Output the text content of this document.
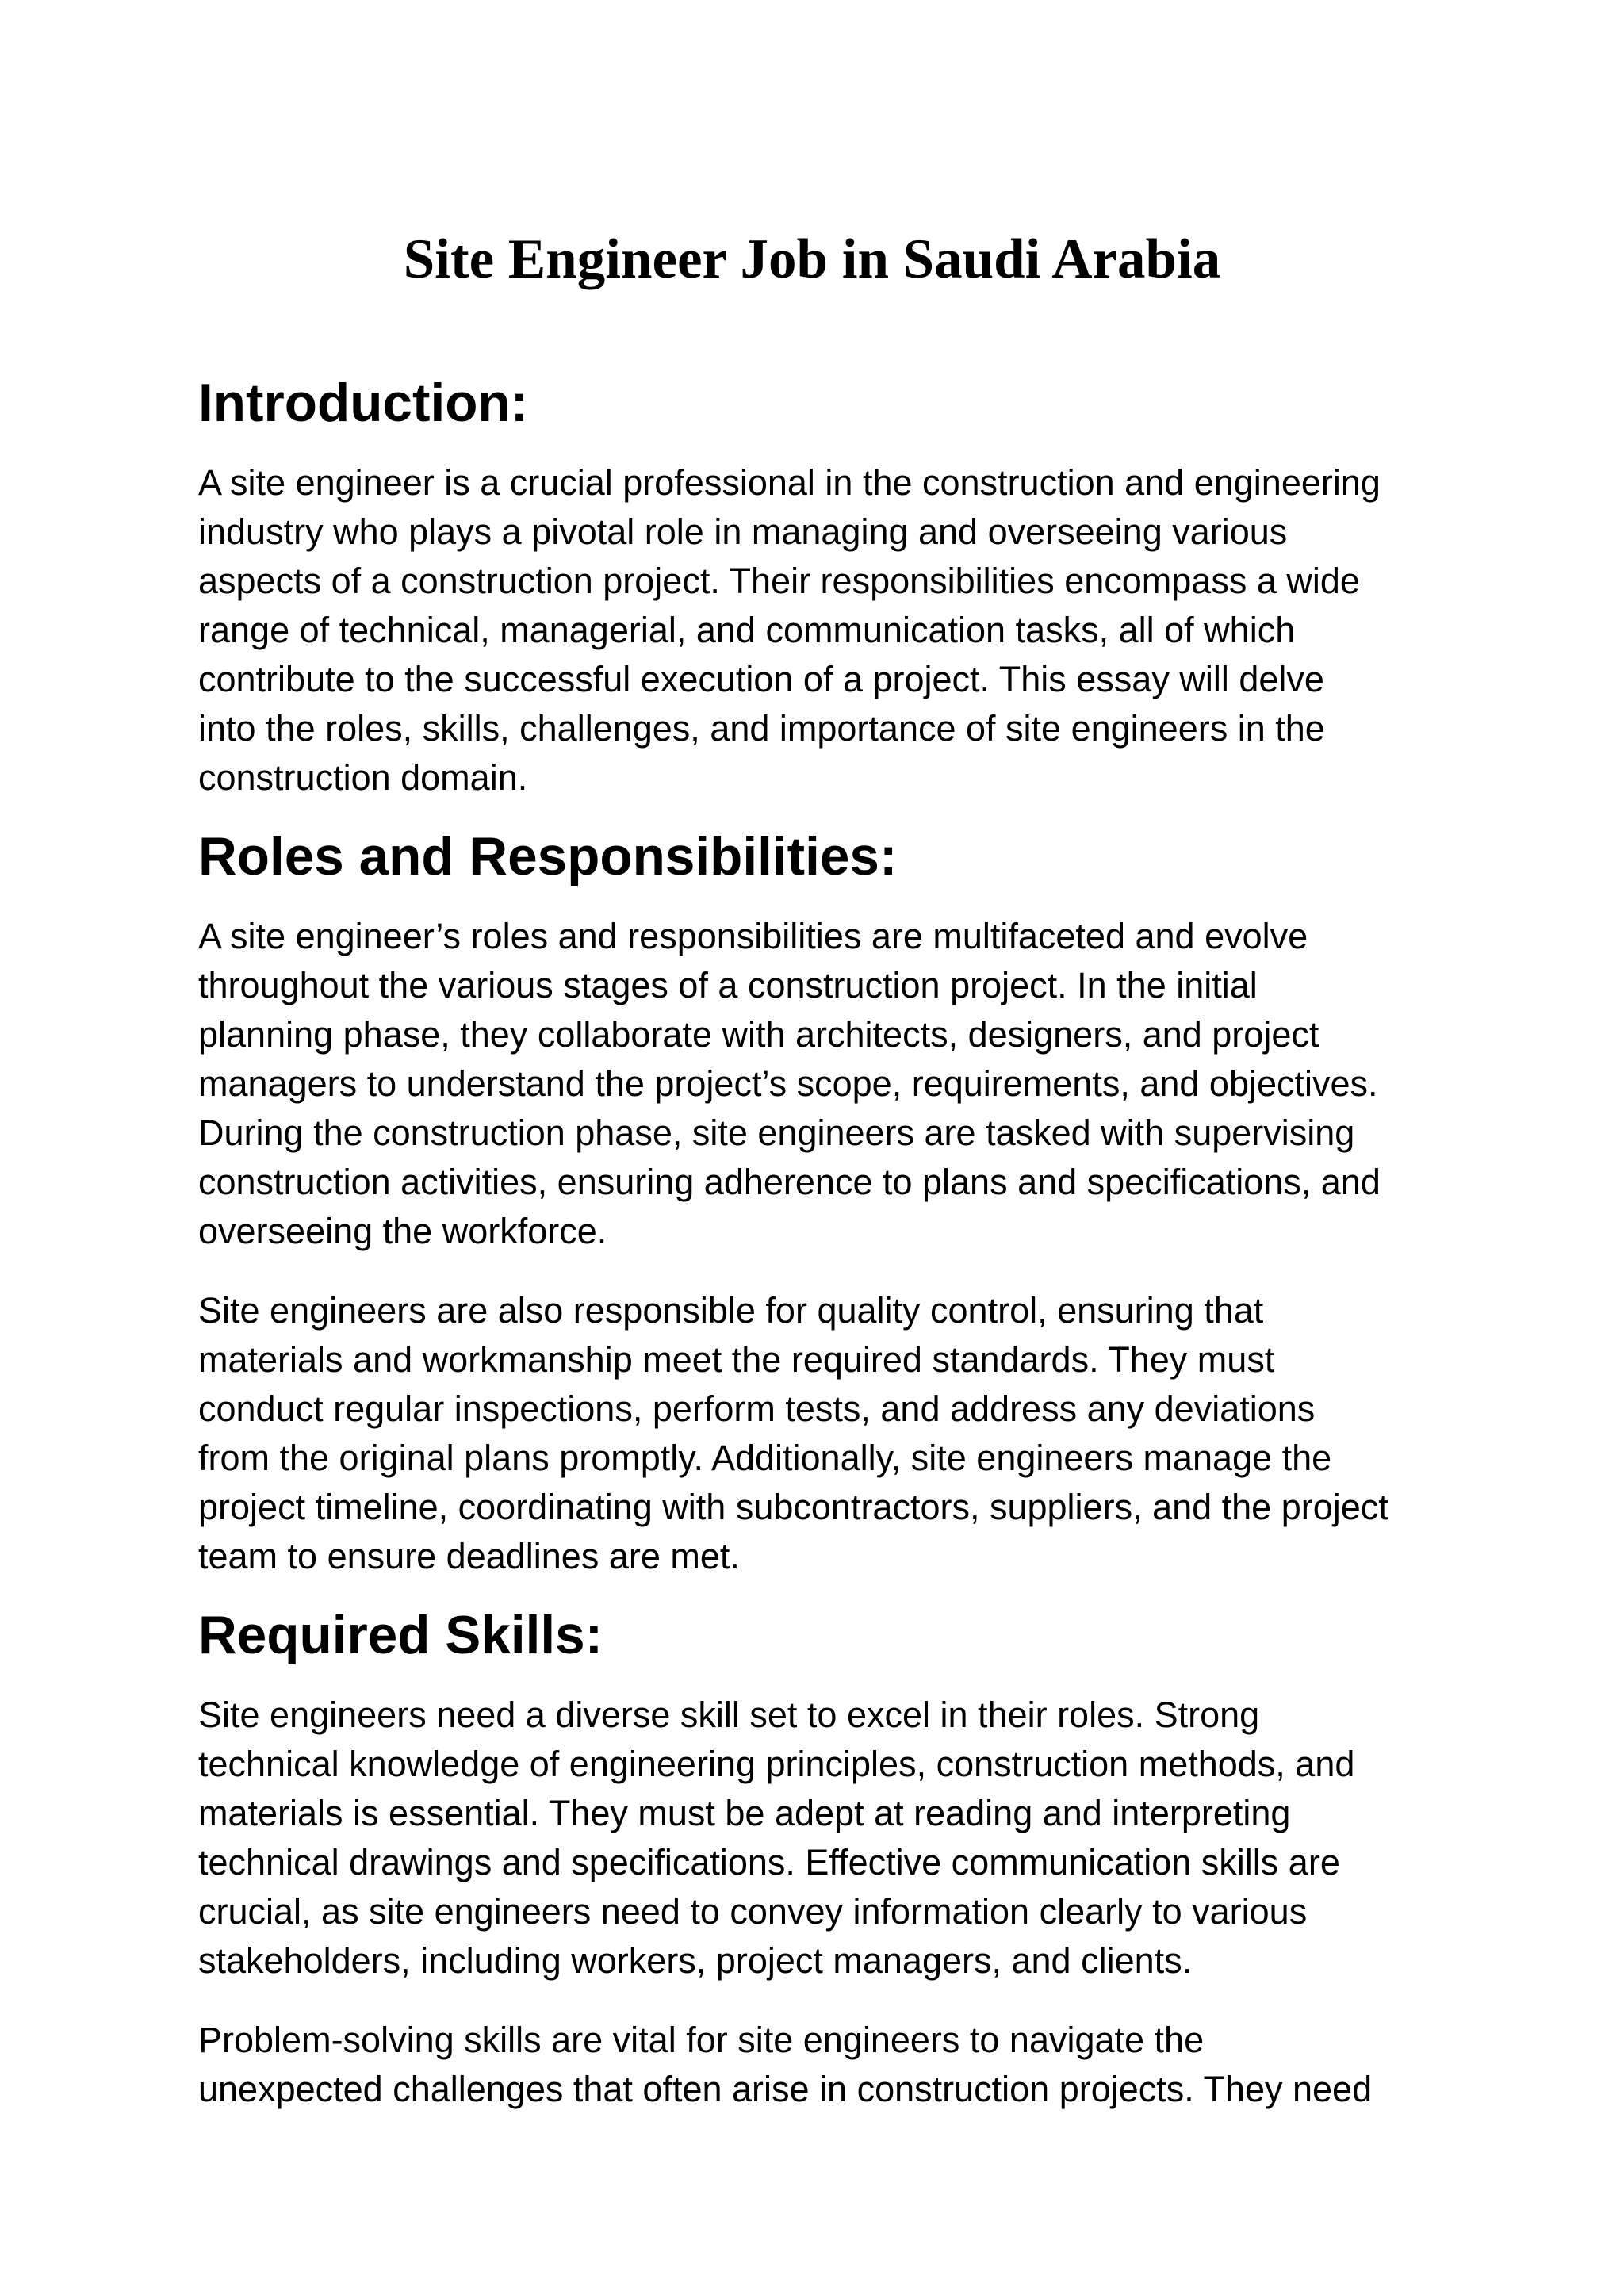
Site Engineer Job in Saudi Arabia
Introduction:

A site engineer is a crucial professional in the construction and engineering
industry who plays a pivotal role in managing and overseeing various
aspects of a construction project. Their responsibilities encompass a wide
range of technical, managerial, and communication tasks, all of which
contribute to the successful execution of a project. This essay will delve
into the roles, skills, challenges, and importance of site engineers in the
construction domain.

Roles and Responsibilities:

A site engineer’s roles and responsibilities are multifaceted and evolve
throughout the various stages of a construction project. In the initial
planning phase, they collaborate with architects, designers, and project
managers to understand the project’s scope, requirements, and objectives.
During the construction phase, site engineers are tasked with supervising
construction activities, ensuring adherence to plans and specifications, and
overseeing the workforce.

Site engineers are also responsible for quality control, ensuring that
materials and workmanship meet the required standards. They must
conduct regular inspections, perform tests, and address any deviations
from the original plans promptly. Additionally, site engineers manage the
project timeline, coordinating with subcontractors, suppliers, and the project
team to ensure deadlines are met.

Required Skills:

Site engineers need a diverse skill set to excel in their roles. Strong
technical knowledge of engineering principles, construction methods, and
materials is essential. They must be adept at reading and interpreting
technical drawings and specifications. Effective communication skills are
crucial, as site engineers need to convey information clearly to various
stakeholders, including workers, project managers, and clients.

Problem-solving skills are vital for site engineers to navigate the
unexpected challenges that often arise in construction projects. They need
